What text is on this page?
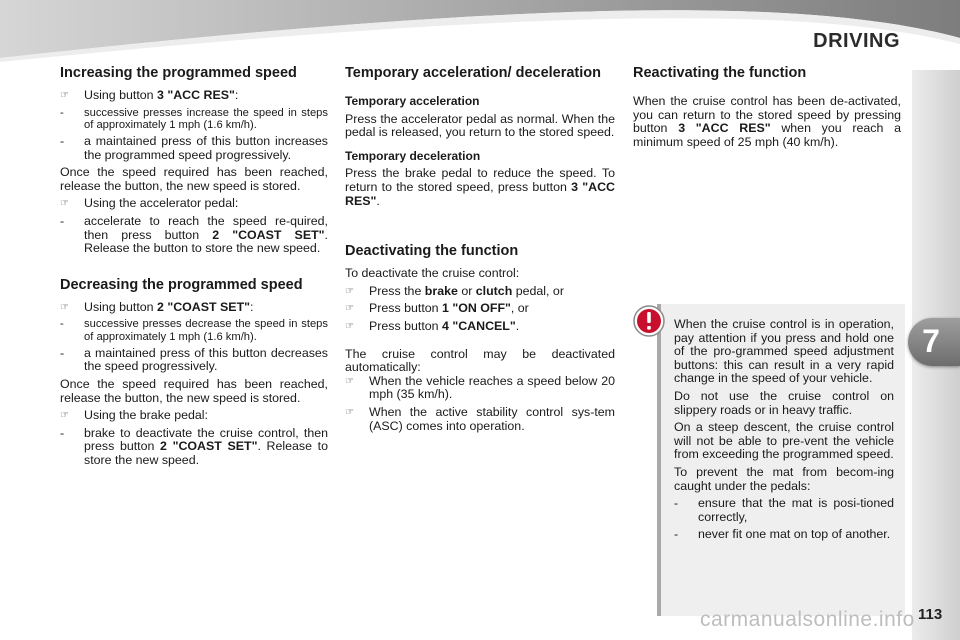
DRIVING
7
Increasing the programmed speed
☞ Using button 3 "ACC RES":
- successive presses increase the speed in steps of approximately 1 mph (1.6 km/h).
- a maintained press of this button increases the programmed speed progressively.

Once the speed required has been reached, release the button, the new speed is stored.

☞ Using the accelerator pedal:
- accelerate to reach the speed re-quired, then press button 2 "COAST SET". Release the button to store the new speed.
Decreasing the programmed speed
☞ Using button 2 "COAST SET":
- successive presses decrease the speed in steps of approximately 1 mph (1.6 km/h).
- a maintained press of this button decreases the speed progressively.

Once the speed required has been reached, release the button, the new speed is stored.

☞ Using the brake pedal:
- brake to deactivate the cruise control, then press button 2 "COAST SET". Release to store the new speed.
Temporary acceleration/ deceleration
Temporary acceleration

Press the accelerator pedal as normal. When the pedal is released, you return to the stored speed.

Temporary deceleration

Press the brake pedal to reduce the speed. To return to the stored speed, press button 3 "ACC RES".

Deactivating the function

To deactivate the cruise control:

☞ Press the brake or clutch pedal, or
☞ Press button 1 "ON OFF", or
☞ Press button 4 "CANCEL".

The cruise control may be deactivated automatically:

☞ When the vehicle reaches a speed below 20 mph (35 km/h).
☞ When the active stability control sys-tem (ASC) comes into operation.
Reactivating the function

When the cruise control has been de-activated, you can return to the stored speed by pressing button 3 "ACC RES" when you reach a minimum speed of 25 mph (40 km/h).

When the cruise control is in operation, pay attention if you press and hold one of the pro-grammed speed adjustment buttons: this can result in a very rapid change in the speed of your vehicle.

Do not use the cruise control on slippery roads or in heavy traffic.

On a steep descent, the cruise control will not be able to pre-vent the vehicle from exceeding the programmed speed.

To prevent the mat from becom-ing caught under the pedals:

- ensure that the mat is posi-tioned correctly,
- never fit one mat on top of another.
carmanualsonline.info 113
